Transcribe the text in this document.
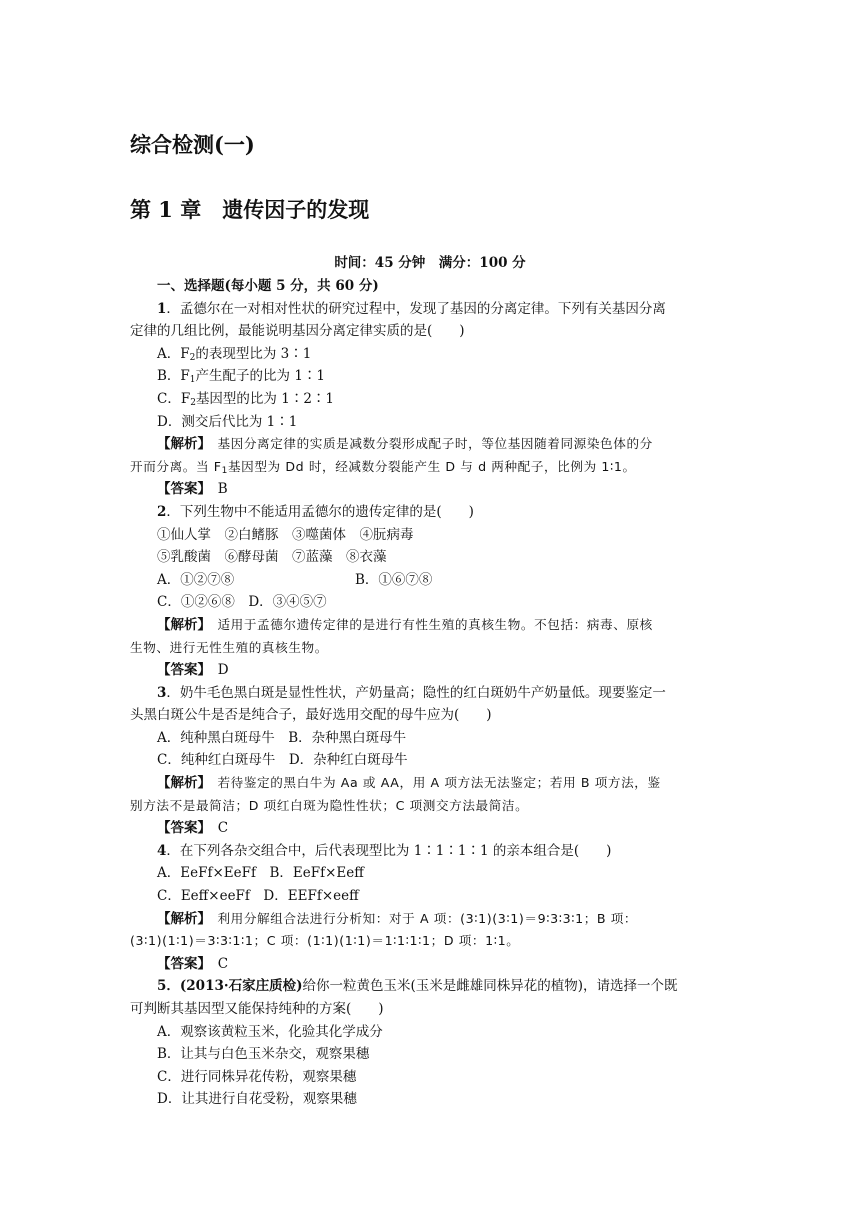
综合检测(一)
第 1 章　遗传因子的发现
时间：45 分钟　满分：100 分
一、选择题(每小题 5 分，共 60 分)
1．孟德尔在一对相对性状的研究过程中，发现了基因的分离定律。下列有关基因分离
定律的几组比例，最能说明基因分离定律实质的是(　　)
A．$F_2$的表现型比为 3∶1
B．$F_1$产生配子的比为 1∶1
C．$F_2$基因型的比为 1∶2∶1
D．测交后代比为 1∶1
【解析】　基因分离定律的实质是减数分裂形成配子时，等位基因随着同源染色体的分
开而分离。当 $F_1$基因型为 Dd 时，经减数分裂能产生 D 与 d 两种配子，比例为 1∶1。
【答案】　B
2．下列生物中不能适用孟德尔的遗传定律的是(　　)
①仙人掌　②白鳍豚　③噬菌体　④朊病毒
⑤乳酸菌　⑥酵母菌　⑦蓝藻　⑧衣藻
A．①②⑦⑧	B．①⑥⑦⑧
C．①②⑥⑧　D．③④⑤⑦
【解析】　适用于孟德尔遗传定律的是进行有性生殖的真核生物。不包括：病毒、原核
生物、进行无性生殖的真核生物。
【答案】　D
3．奶牛毛色黑白斑是显性性状，产奶量高；隐性的红白斑奶牛产奶量低。现要鉴定一
头黑白斑公牛是否是纯合子，最好选用交配的母牛应为(　　)
A．纯种黑白斑母牛　B．杂种黑白斑母牛
C．纯种红白斑母牛　D．杂种红白斑母牛
【解析】　若待鉴定的黑白牛为 Aa 或 AA，用 A 项方法无法鉴定；若用 B 项方法，鉴
别方法不是最简洁；D 项红白斑为隐性性状；C 项测交方法最简洁。
【答案】　C
4．在下列各杂交组合中，后代表现型比为 1∶1∶1∶1 的亲本组合是(　　)
A．EeFf×EeFf　B．EeFf×Eeff
C．Eeff×eeFf　D．EEFf×eeff
【解析】　利用分解组合法进行分析知：对于 A 项：(3∶1)(3∶1)＝9∶3∶3∶1；B 项：
(3∶1)(1∶1)＝3∶3∶1∶1；C 项：(1∶1)(1∶1)＝1∶1∶1∶1；D 项：1∶1。
【答案】　C
5．(2013·石家庄质检)给你一粒黄色玉米(玉米是雌雄同株异花的植物)，请选择一个既
可判断其基因型又能保持纯种的方案(　　)
A．观察该黄粒玉米，化验其化学成分
B．让其与白色玉米杂交，观察果穗
C．进行同株异花传粉，观察果穗
D．让其进行自花受粉，观察果穗
